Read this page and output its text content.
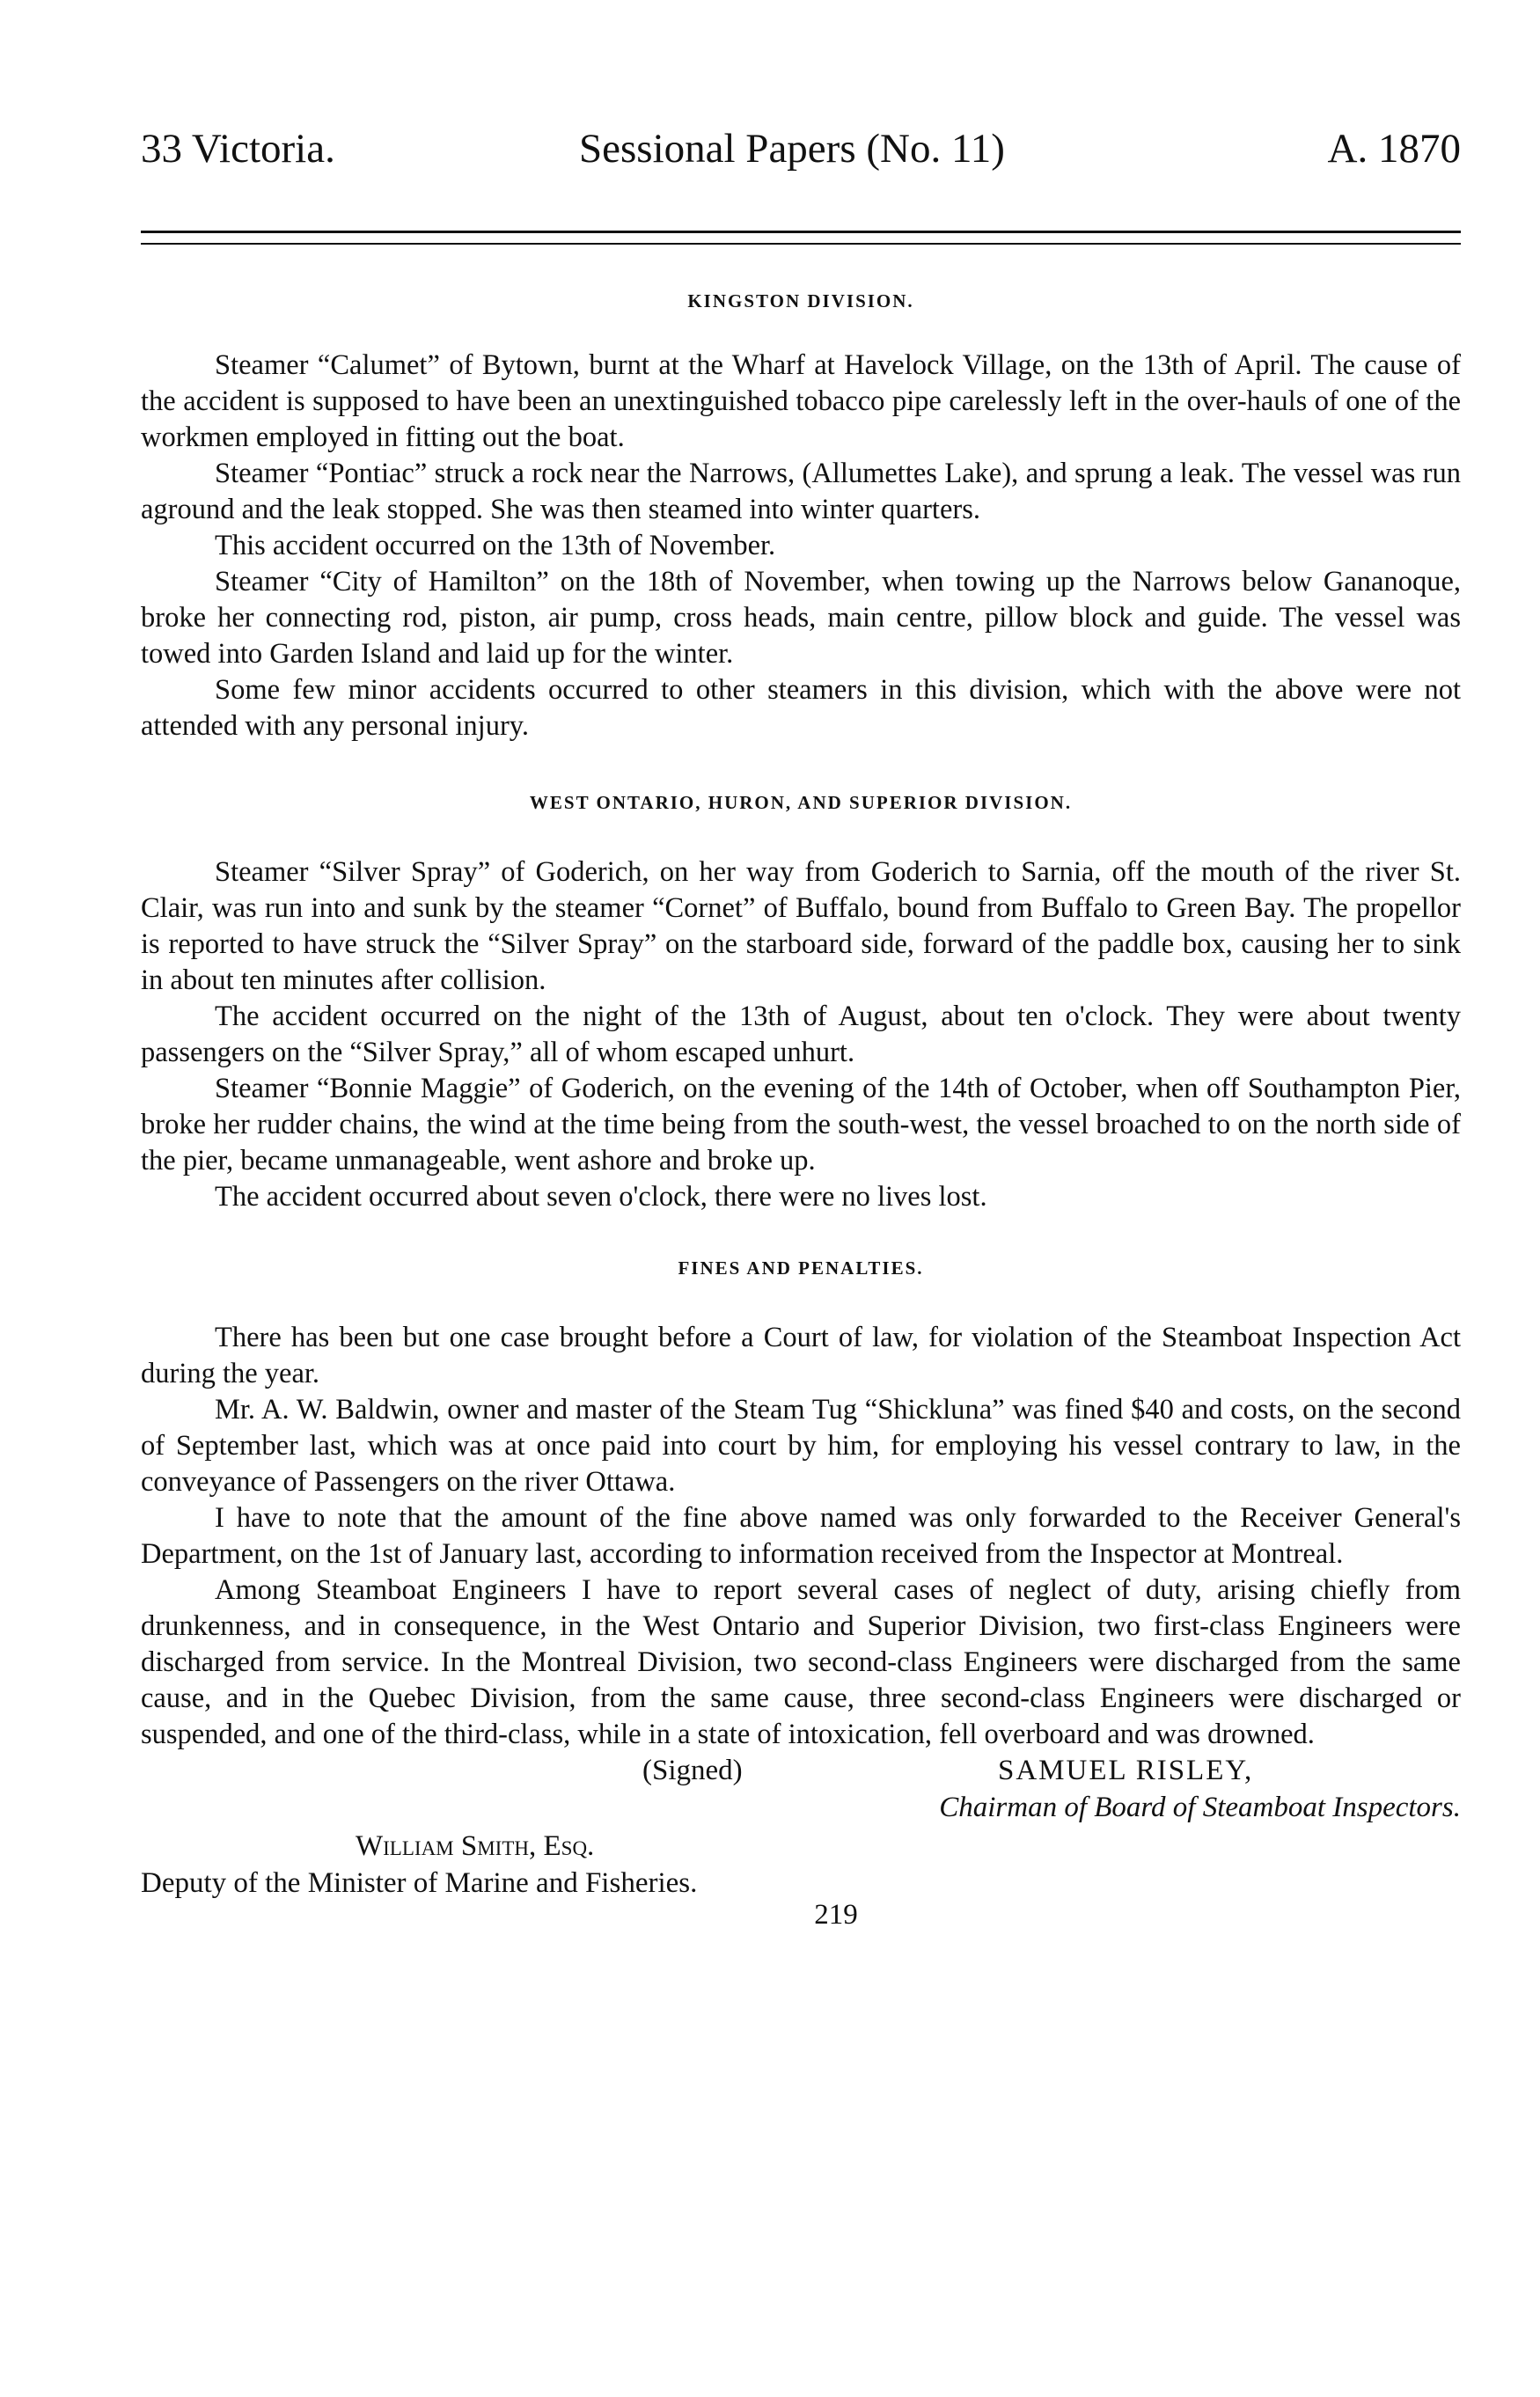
33 Victoria.	Sessional Papers (No. 11)	A. 1870
KINGSTON DIVISION.

Steamer “Calumet” of Bytown, burnt at the Wharf at Havelock Village, on the 13th of April. The cause of the accident is supposed to have been an unextinguished tobacco pipe carelessly left in the over-hauls of one of the workmen employed in fitting out the boat.

Steamer “Pontiac” struck a rock near the Narrows, (Allumettes Lake), and sprung a leak. The vessel was run aground and the leak stopped. She was then steamed into winter quarters.

This accident occurred on the 13th of November.

Steamer “City of Hamilton” on the 18th of November, when towing up the Narrows below Gananoque, broke her connecting rod, piston, air pump, cross heads, main centre, pillow block and guide. The vessel was towed into Garden Island and laid up for the winter.

Some few minor accidents occurred to other steamers in this division, which with the above were not attended with any personal injury.

WEST ONTARIO, HURON, AND SUPERIOR DIVISION.

Steamer “Silver Spray” of Goderich, on her way from Goderich to Sarnia, off the mouth of the river St. Clair, was run into and sunk by the steamer “Cornet” of Buffalo, bound from Buffalo to Green Bay. The propellor is reported to have struck the “Silver Spray” on the starboard side, forward of the paddle box, causing her to sink in about ten minutes after collision.

The accident occurred on the night of the 13th of August, about ten o'clock. They were about twenty passengers on the “Silver Spray,” all of whom escaped unhurt.

Steamer “Bonnie Maggie” of Goderich, on the evening of the 14th of October, when off Southampton Pier, broke her rudder chains, the wind at the time being from the south-west, the vessel broached to on the north side of the pier, became unmanageable, went ashore and broke up.

The accident occurred about seven o'clock, there were no lives lost.

FINES AND PENALTIES.

There has been but one case brought before a Court of law, for violation of the Steamboat Inspection Act during the year.

Mr. A. W. Baldwin, owner and master of the Steam Tug “Shickluna” was fined $40 and costs, on the second of September last, which was at once paid into court by him, for employing his vessel contrary to law, in the conveyance of Passengers on the river Ottawa.

I have to note that the amount of the fine above named was only forwarded to the Receiver General's Department, on the 1st of January last, according to information received from the Inspector at Montreal.

Among Steamboat Engineers I have to report several cases of neglect of duty, arising chiefly from drunkenness, and in consequence, in the West Ontario and Superior Division, two first-class Engineers were discharged from service. In the Montreal Division, two second-class Engineers were discharged from the same cause, and in the Quebec Division, from the same cause, three second-class Engineers were discharged or suspended, and one of the third-class, while in a state of intoxication, fell overboard and was drowned.

(Signed)	SAMUEL RISLEY,
Chairman of Board of Steamboat Inspectors.
William Smith, Esq.
Deputy of the Minister of Marine and Fisheries.
219
